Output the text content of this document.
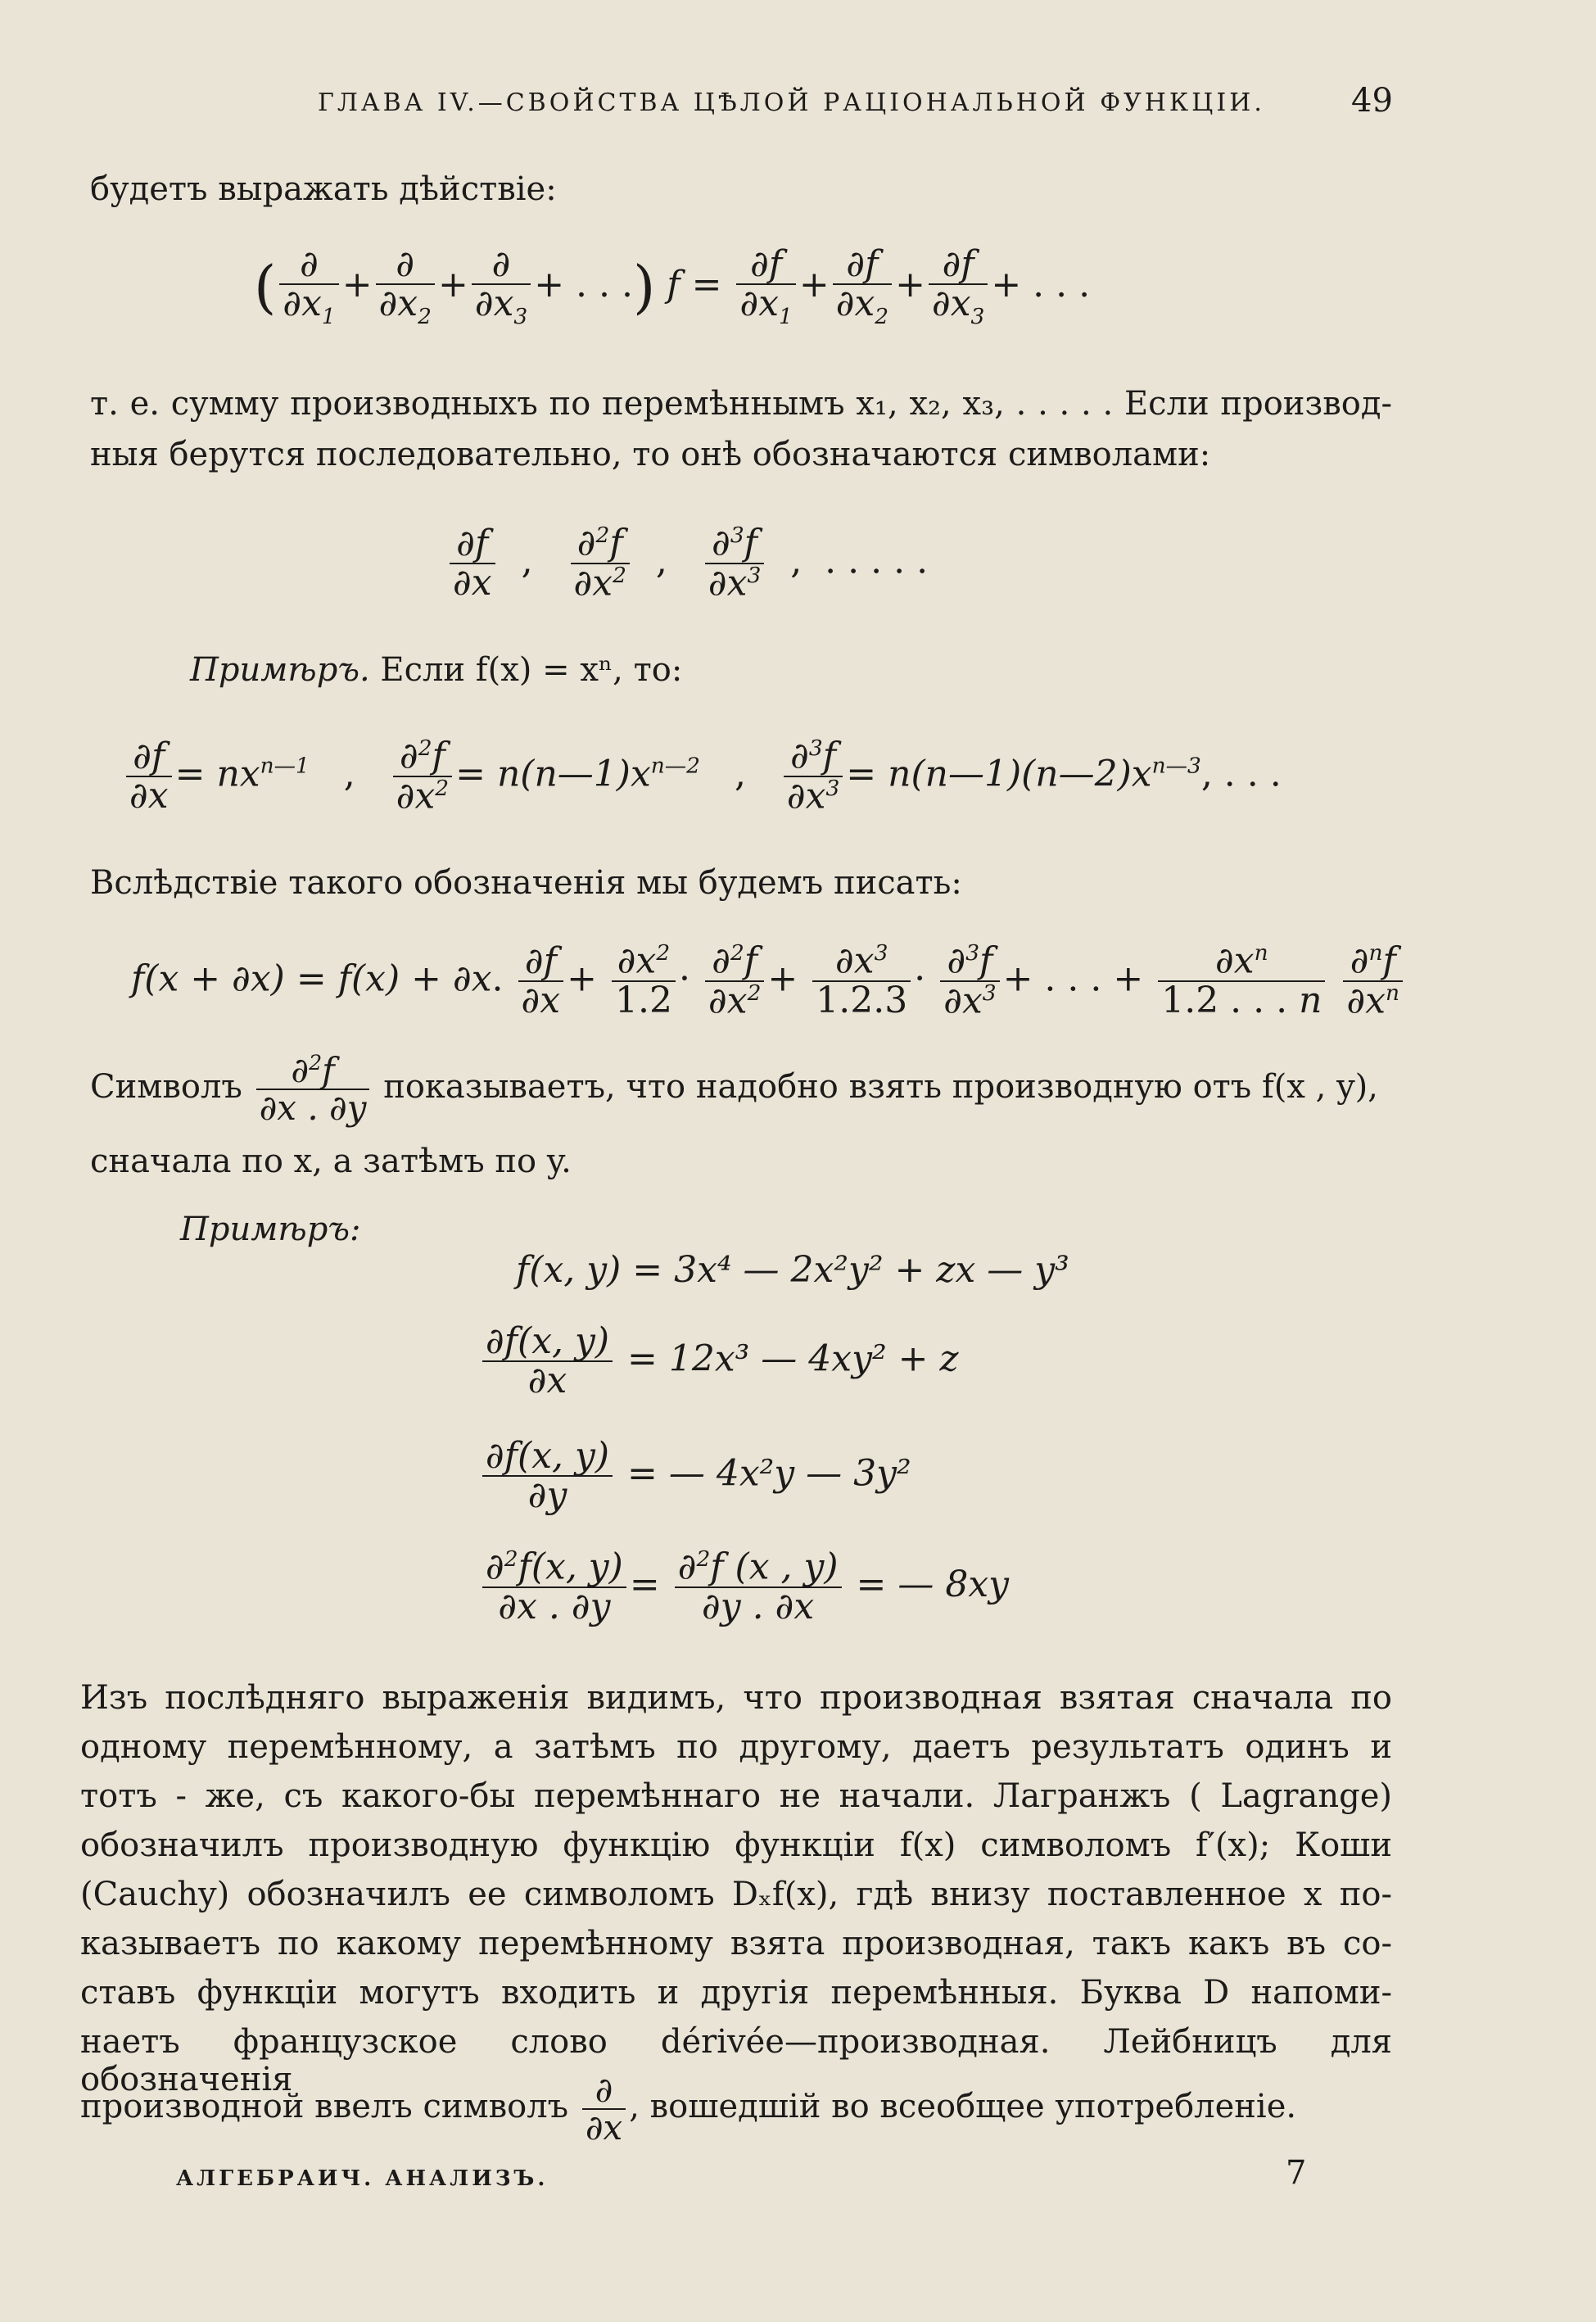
ГЛАВА IV.—СВОЙСТВА ЦѢЛОЙ РАЦІОНАЛЬНОЙ ФУНКЦІИ.	49
будетъ выражать дѣйствіе:
( $\frac{\partial}{\partial x_1} + \frac{\partial}{\partial x_2} + \frac{\partial}{\partial x_3}$ + . . .) $f = \frac{\partial f}{\partial x_1} + \frac{\partial f}{\partial x_2} + \frac{\partial f}{\partial x_3}$ + . . .
т. е. сумму производныхъ по перемѣннымъ x₁, x₂, x₃, . . . . . Если производ-
ныя берутся последовательно, то онѣ обозначаются символами:
$\frac{\partial f}{\partial x}$ , $\frac{\partial^2f}{\partial x^2}$ , $\frac{\partial^3f}{\partial x^3}$ ,  . . . . .
Примѣръ. Если f(x) = xⁿ, то:
$\frac{\partial f}{\partial x} = nx^{n—1}$   , $\frac{\partial^2f}{\partial x^2}$ = $n(n—1)x^{n—2}$   , $\frac{\partial^3f}{\partial x^3}$ = $n(n—1)(n—2)x^{n—3}$, . . .
Вслѣдствіе такого обозначенія мы будемъ писать:
f(x + ∂x) = f(x) + ∂x. $\frac{\partial f}{\partial x} + \frac{\partial x^2}{1.2} \cdot \frac{\partial^2f}{\partial x^2} + \frac{\partial x^3}{1.2.3} \cdot \frac{\partial^3f}{\partial x^3}$ + . . . + $\frac{\partial x^n}{1.2 . . . n}$
$\frac{\partial^nf}{\partial x^n}$
Символъ $\frac{\partial^2f}{\partial x . \partial y}$ показываетъ, что надобно взять производную отъ f(x , y),
сначала по x, а затѣмъ по y.
Примѣръ:
f(x, y) = 3x⁴ — 2x²y² + zx — y³
$\frac{\partial f(x, y)}{\partial x} = 12x^3$ — 4xy² + z
$\frac{\partial f(x, y)}{\partial y}$ = — 4x²y — 3y²
$\frac{\partial^2f(x, y)}{\partial x . \partial y} = \frac{\partial^2f (x , y)}{\partial y . \partial x}$ = — 8xy
Изъ послѣдняго выраженія видимъ, что производная взятая сначала по
одному перемѣнному, а затѣмъ по другому, даетъ результатъ одинъ и
тотъ - же, съ какого-бы перемѣннаго не начали. Лагранжъ ( Lagrange)
обозначилъ производную функцію функціи f(x) символомъ f′(x); Коши
(Cauchy) обозначилъ ее символомъ Dₓf(x), гдѣ внизу поставленное x по-
казываетъ по какому перемѣнному взята производная, такъ какъ въ со-
ставъ функціи могутъ входить и другія перемѣнныя. Буква D напоми-
наетъ французское слово dérivée—производная. Лейбницъ для обозначенія
производной ввелъ символъ $\frac{\partial}{\partial x}$ , вошедшій во всеобщее употребленіе.
АЛГЕБРАИЧ. АНАЛИЗЪ.	7
